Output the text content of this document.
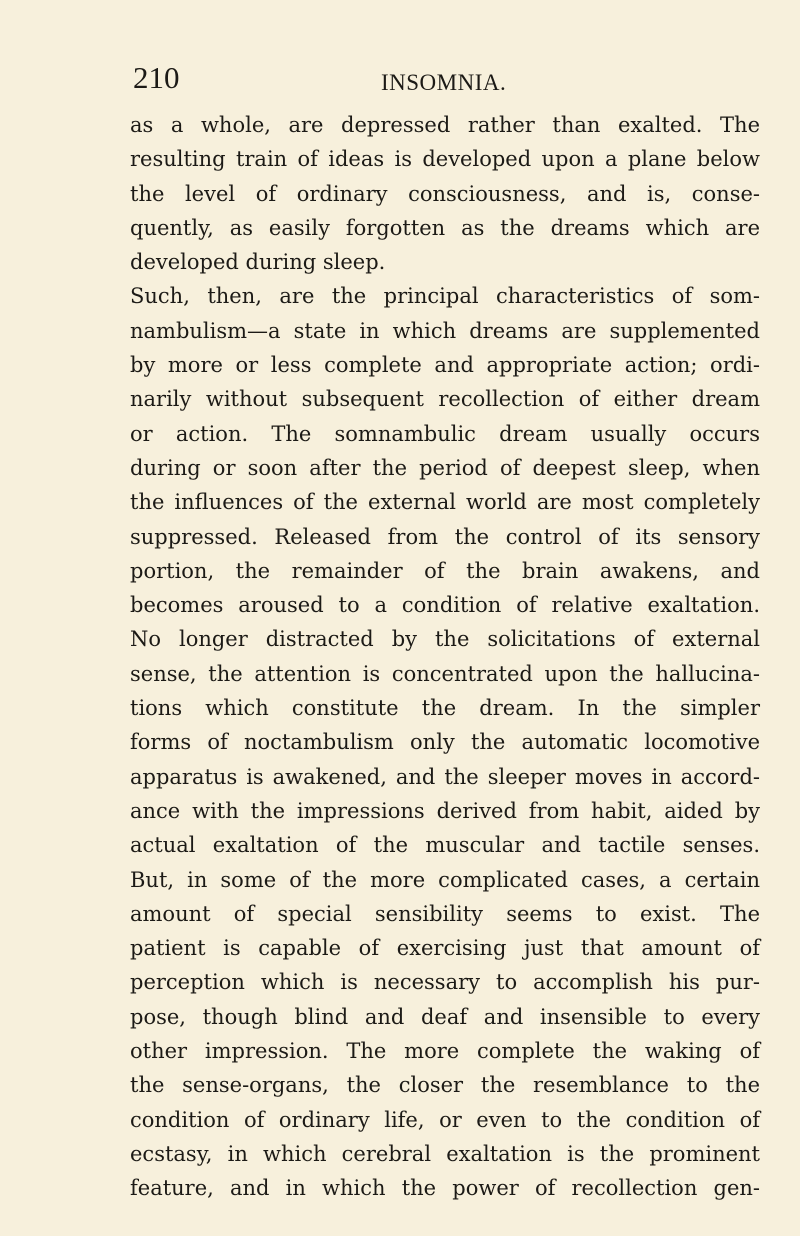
210	INSOMNIA.
as a whole, are depressed rather than exalted. The
resulting train of ideas is developed upon a plane below
the level of ordinary consciousness, and is, conse-
quently, as easily forgotten as the dreams which are
developed during sleep.
Such, then, are the principal characteristics of som-
nambulism—a state in which dreams are supplemented
by more or less complete and appropriate action; ordi-
narily without subsequent recollection of either dream
or action. The somnambulic dream usually occurs
during or soon after the period of deepest sleep, when
the influences of the external world are most completely
suppressed. Released from the control of its sensory
portion, the remainder of the brain awakens, and
becomes aroused to a condition of relative exaltation.
No longer distracted by the solicitations of external
sense, the attention is concentrated upon the hallucina-
tions which constitute the dream. In the simpler
forms of noctambulism only the automatic locomotive
apparatus is awakened, and the sleeper moves in accord-
ance with the impressions derived from habit, aided by
actual exaltation of the muscular and tactile senses.
But, in some of the more complicated cases, a certain
amount of special sensibility seems to exist. The
patient is capable of exercising just that amount of
perception which is necessary to accomplish his pur-
pose, though blind and deaf and insensible to every
other impression. The more complete the waking of
the sense-organs, the closer the resemblance to the
condition of ordinary life, or even to the condition of
ecstasy, in which cerebral exaltation is the prominent
feature, and in which the power of recollection gen-
